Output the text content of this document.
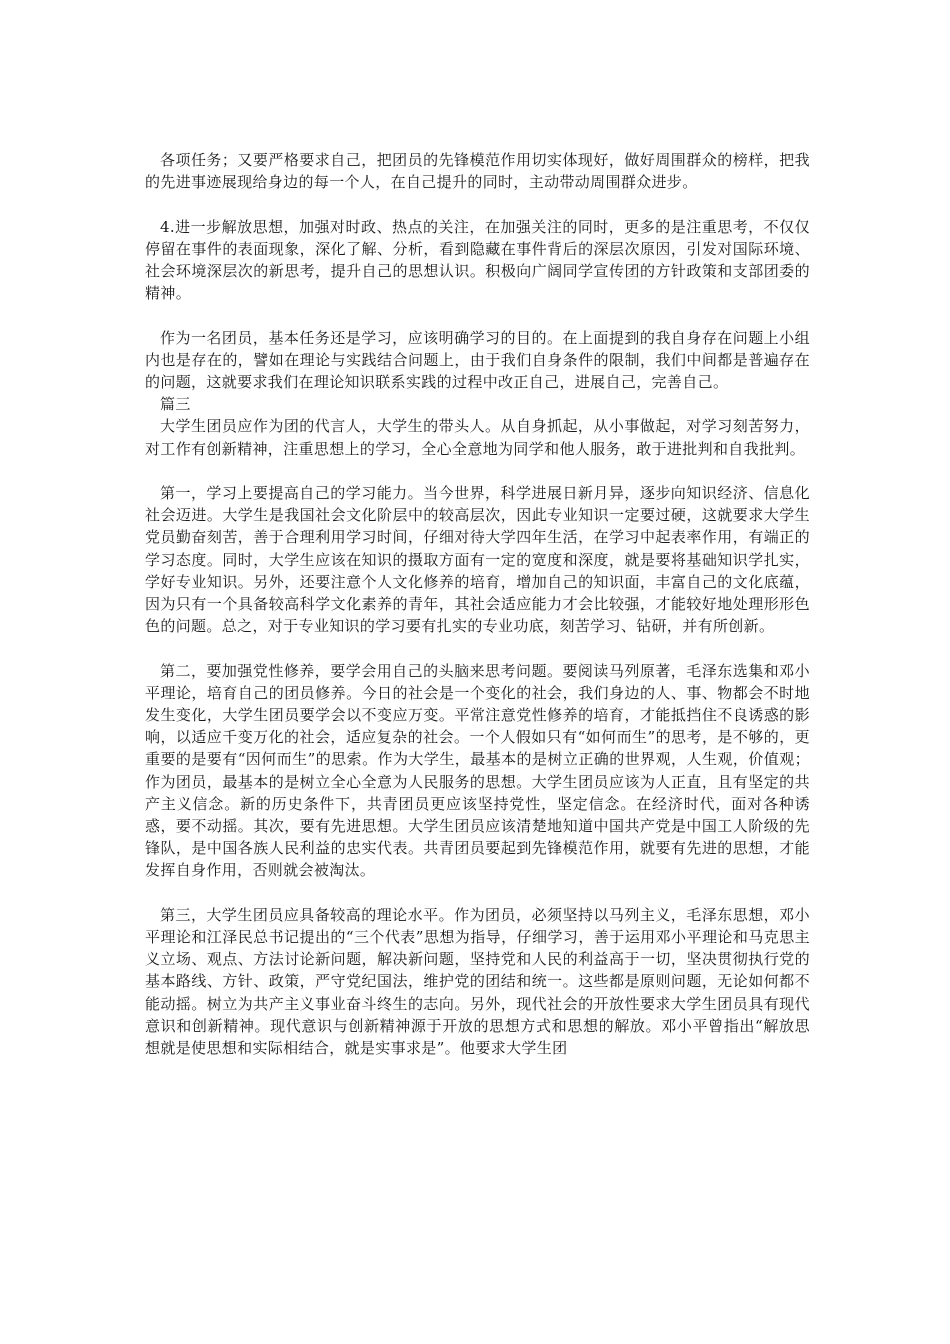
各项任务；又要严格要求自己，把团员的先锋模范作用切实体现好，做好周围群众的榜样，把我的先进事迹展现给身边的每一个人，在自己提升的同时，主动带动周围群众进步。

4.进一步解放思想，加强对时政、热点的关注，在加强关注的同时，更多的是注重思考，不仅仅停留在事件的表面现象，深化了解、分析，看到隐藏在事件背后的深层次原因，引发对国际环境、社会环境深层次的新思考，提升自己的思想认识。积极向广阔同学宣传团的方针政策和支部团委的精神。

作为一名团员，基本任务还是学习，应该明确学习的目的。在上面提到的我自身存在问题上小组内也是存在的，譬如在理论与实践结合问题上，由于我们自身条件的限制，我们中间都是普遍存在的问题，这就要求我们在理论知识联系实践的过程中改正自己，进展自己，完善自己。

篇三

大学生团员应作为团的代言人，大学生的带头人。从自身抓起，从小事做起，对学习刻苦努力，对工作有创新精神，注重思想上的学习，全心全意地为同学和他人服务，敢于进批判和自我批判。

第一，学习上要提高自己的学习能力。当今世界，科学进展日新月异，逐步向知识经济、信息化社会迈进。大学生是我国社会文化阶层中的较高层次，因此专业知识一定要过硬，这就要求大学生党员勤奋刻苦，善于合理利用学习时间，仔细对待大学四年生活，在学习中起表率作用，有端正的学习态度。同时，大学生应该在知识的摄取方面有一定的宽度和深度，就是要将基础知识学扎实，学好专业知识。另外，还要注意个人文化修养的培育，增加自己的知识面，丰富自己的文化底蕴，因为只有一个具备较高科学文化素养的青年，其社会适应能力才会比较强，才能较好地处理形形色色的问题。总之，对于专业知识的学习要有扎实的专业功底，刻苦学习、钻研，并有所创新。

第二，要加强党性修养，要学会用自己的头脑来思考问题。要阅读马列原著，毛泽东选集和邓小平理论，培育自己的团员修养。今日的社会是一个变化的社会，我们身边的人、事、物都会不时地发生变化，大学生团员要学会以不变应万变。平常注意党性修养的培育，才能抵挡住不良诱惑的影响，以适应千变万化的社会，适应复杂的社会。一个人假如只有“如何而生”的思考，是不够的，更重要的是要有“因何而生”的思索。作为大学生，最基本的是树立正确的世界观，人生观，价值观；作为团员，最基本的是树立全心全意为人民服务的思想。大学生团员应该为人正直，且有坚定的共产主义信念。新的历史条件下，共青团员更应该坚持党性，坚定信念。在经济时代，面对各种诱惑，要不动摇。其次，要有先进思想。大学生团员应该清楚地知道中国共产党是中国工人阶级的先锋队，是中国各族人民利益的忠实代表。共青团员要起到先锋模范作用，就要有先进的思想，才能发挥自身作用，否则就会被淘汰。

第三，大学生团员应具备较高的理论水平。作为团员，必须坚持以马列主义，毛泽东思想，邓小平理论和江泽民总书记提出的“三个代表”思想为指导，仔细学习，善于运用邓小平理论和马克思主义立场、观点、方法讨论新问题，解决新问题，坚持党和人民的利益高于一切，坚决贯彻执行党的基本路线、方针、政策，严守党纪国法，维护党的团结和统一。这些都是原则问题，无论如何都不能动摇。树立为共产主义事业奋斗终生的志向。另外，现代社会的开放性要求大学生团员具有现代意识和创新精神。现代意识与创新精神源于开放的思想方式和思想的解放。邓小平曾指出“解放思想就是使思想和实际相结合，就是实事求是”。他要求大学生团
